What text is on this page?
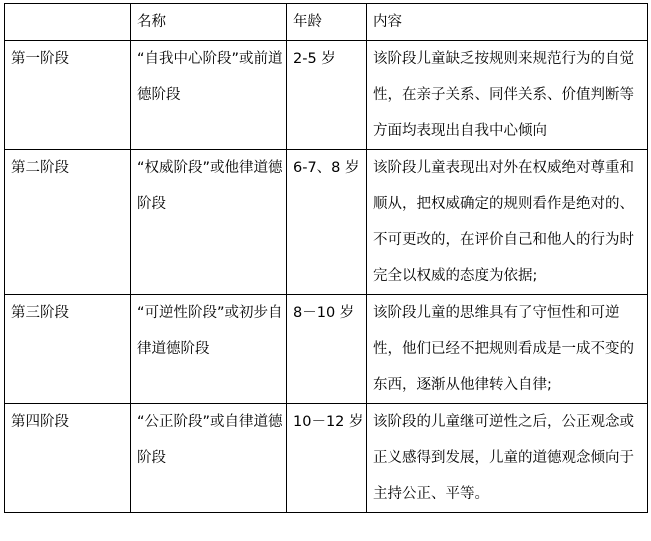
	名称	年龄	内容
第一阶段	“自我中心阶段”或前道德阶段	2-5 岁	该阶段儿童缺乏按规则来规范行为的自觉性，在亲子关系、同伴关系、价值判断等方面均表现出自我中心倾向
第二阶段	“权威阶段”或他律道德阶段	6-7、8 岁	该阶段儿童表现出对外在权威绝对尊重和顺从，把权威确定的规则看作是绝对的、不可更改的，在评价自己和他人的行为时完全以权威的态度为依据;
第三阶段	“可逆性阶段”或初步自律道德阶段	8－10 岁	该阶段儿童的思维具有了守恒性和可逆性，他们已经不把规则看成是一成不变的东西，逐渐从他律转入自律;
第四阶段	“公正阶段”或自律道德阶段	10－12 岁	该阶段的儿童继可逆性之后，公正观念或正义感得到发展，儿童的道德观念倾向于主持公正、平等。
